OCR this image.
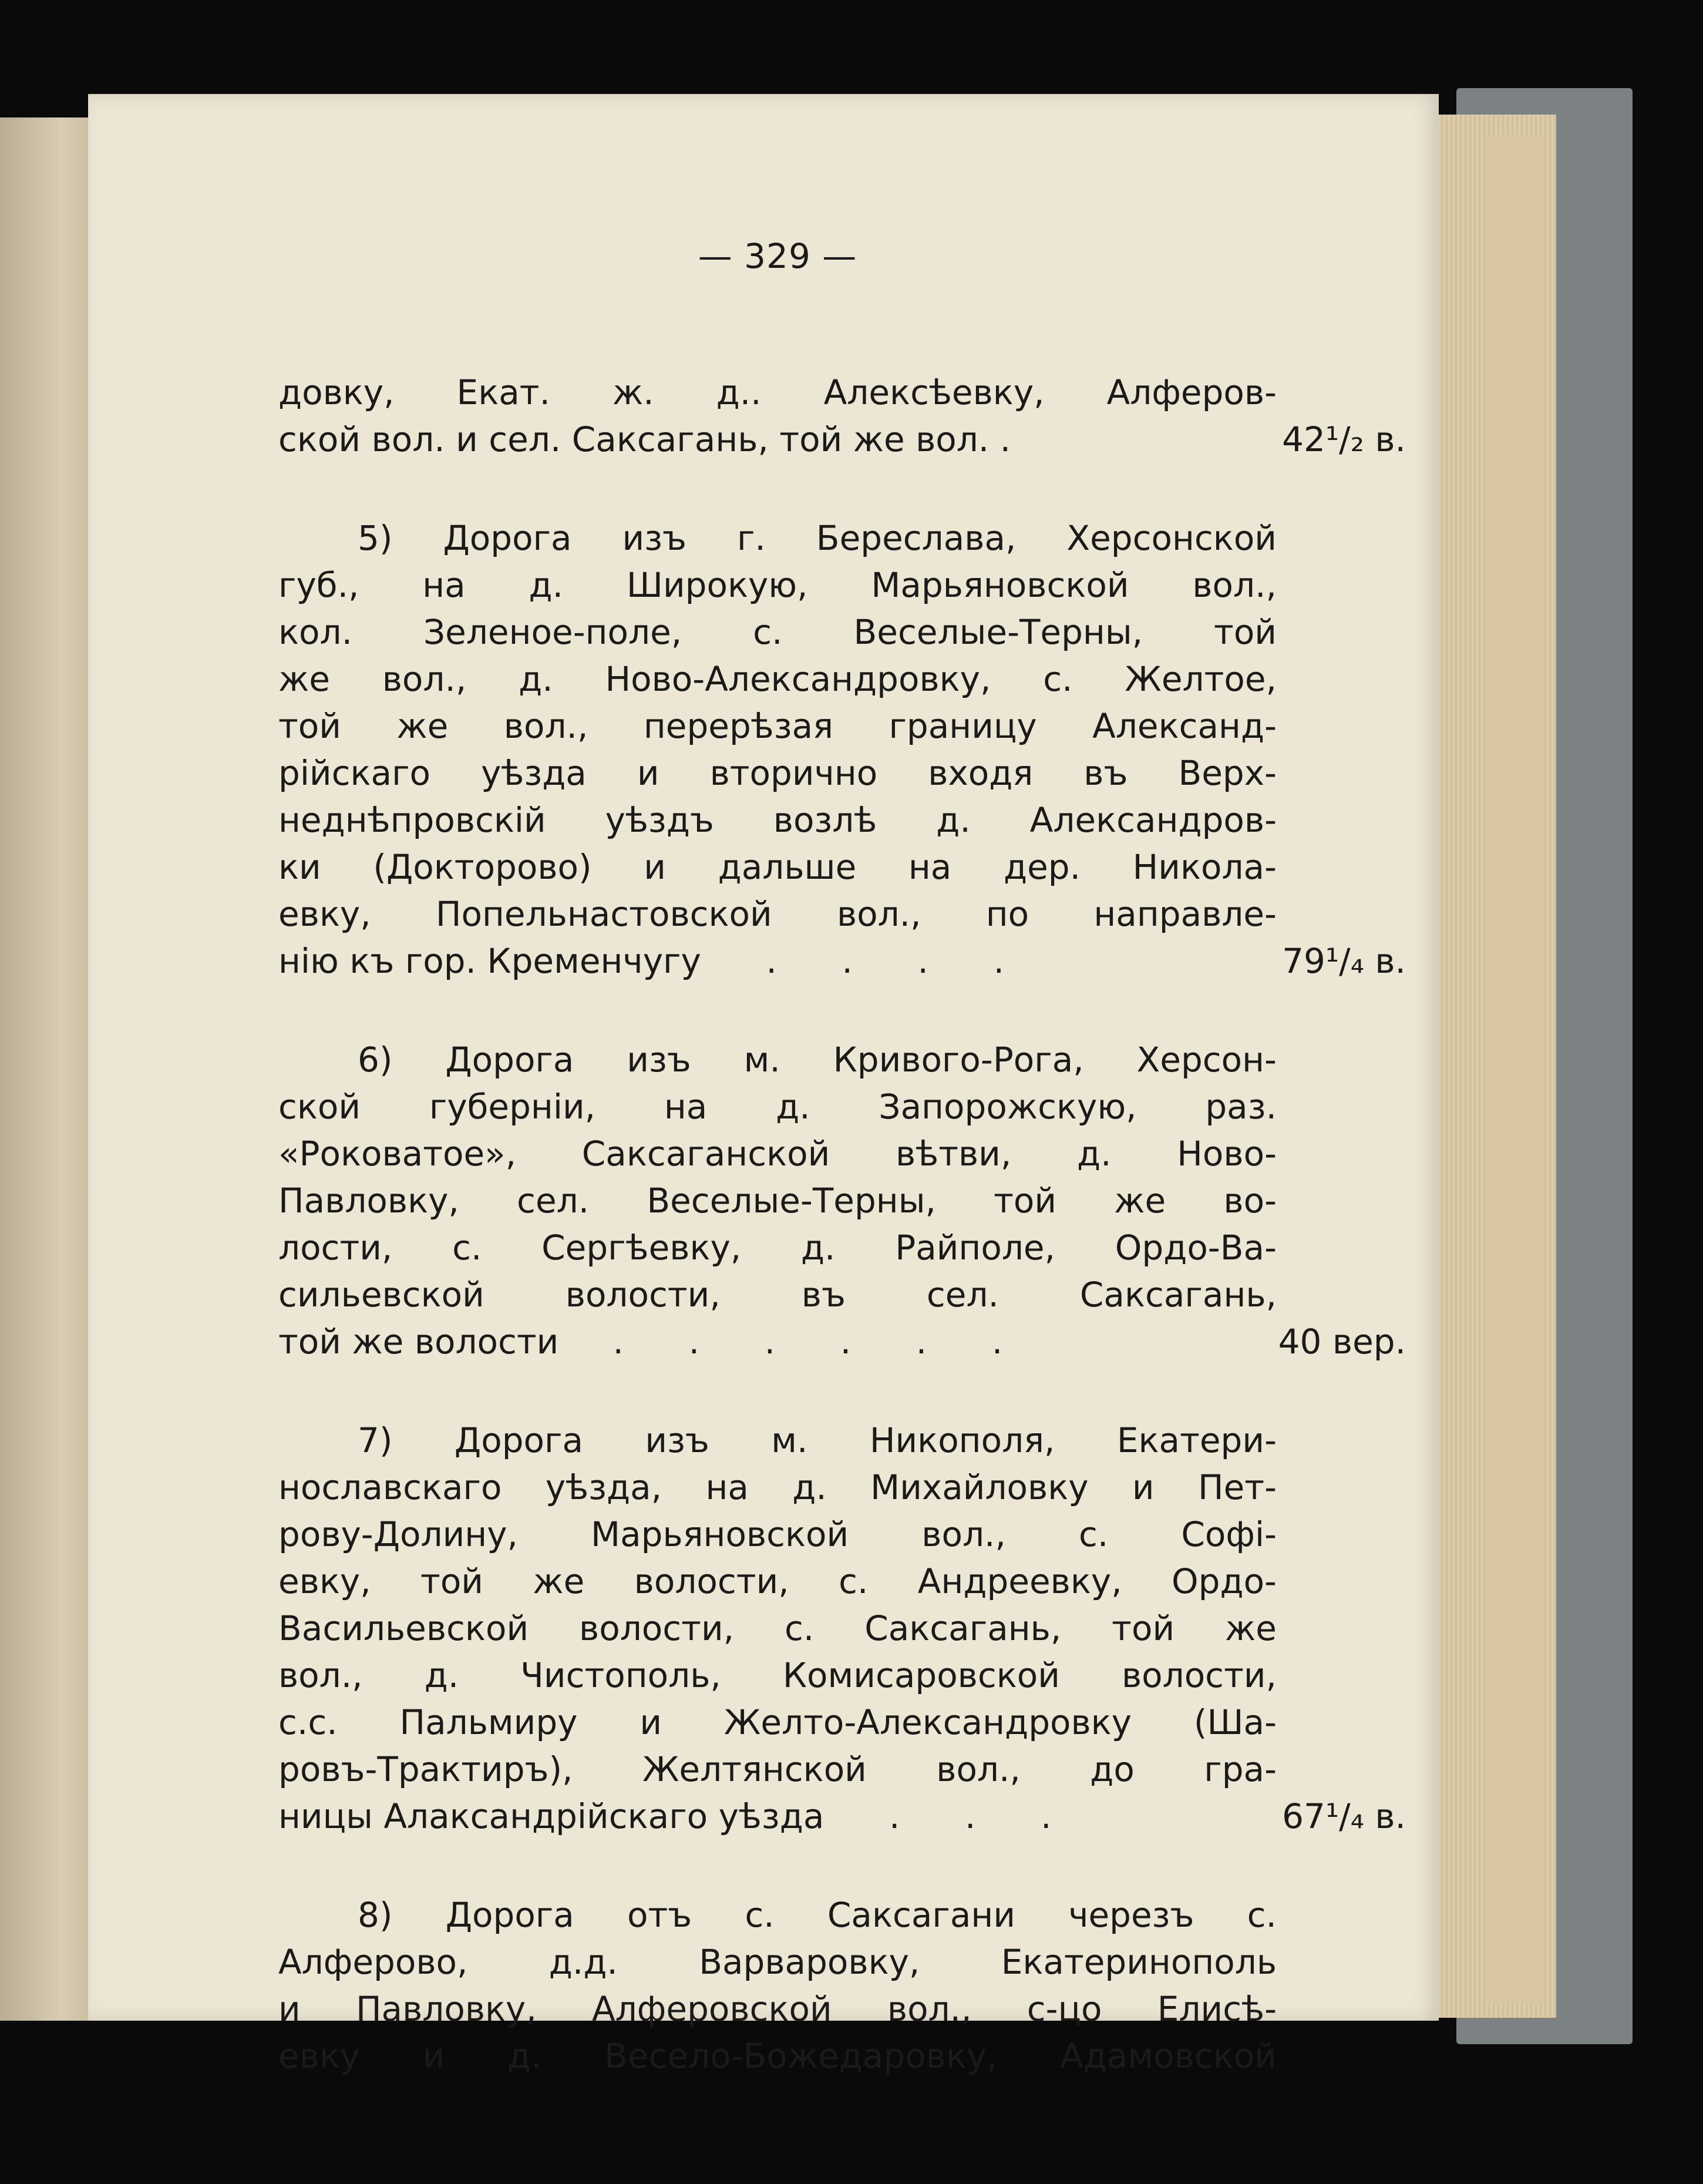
— 329 —
довку, Екат. ж. д.. Алексѣевку, Алферов-
ской вол. и сел. Саксагань, той же вол. .	42¹/₂ в.
5) Дорога изъ г. Берeслава, Херсонской
губ., на д. Широкую, Марьяновской вол.,
кол. Зеленое-поле, с. Веселые-Терны, той
же вол., д. Ново-Александровку, с. Желтое,
той же вол., перерѣзая границу Александ-
рiйскаго уѣзда и вторично входя въ Верх-
неднѣпровскiй уѣздъ возлѣ д. Александров-
ки (Докторово) и дальше на дер. Никола-
евку, Попельнастовской вол., по направле-
нiю къ гор. Кременчугу      .      .      .      .	79¹/₄ в.
6) Дорога изъ м. Кривого-Рога, Херсон-
ской губернiи, на д. Запорожскую, раз.
«Роковатое», Саксаганской вѣтви, д. Ново-
Павловку, сел. Веселые-Терны, той же во-
лости, с. Сергѣевку, д. Райполе, Ордо-Ва-
сильевской волости, въ сел. Саксагань,
той же волости     .      .      .      .      .      .	40 вер.
7) Дорога изъ м. Никополя, Екатери-
нославскаго уѣзда, на д. Михайловку и Пет-
рову-Долину, Марьяновской вол., с. Софi-
евку, той же волости, с. Андреевку, Ордо-
Васильевской волости, с. Саксагань, той же
вол., д. Чистополь, Комисаровской волости,
с.с. Пальмиру и Желто-Александровку (Ша-
ровъ-Трактиръ), Желтянской вол., до гра-
ницы Алаксандрiйскаго уѣзда      .      .      .	67¹/₄ в.
8) Дорога отъ с. Саксагани черезъ с.
Алферово, д.д. Варваровку, Екатеринополь
и Павловку, Алферовской вол., с-цо Елисѣ-
евку и д. Весело-Божедаровку, Адамовской
